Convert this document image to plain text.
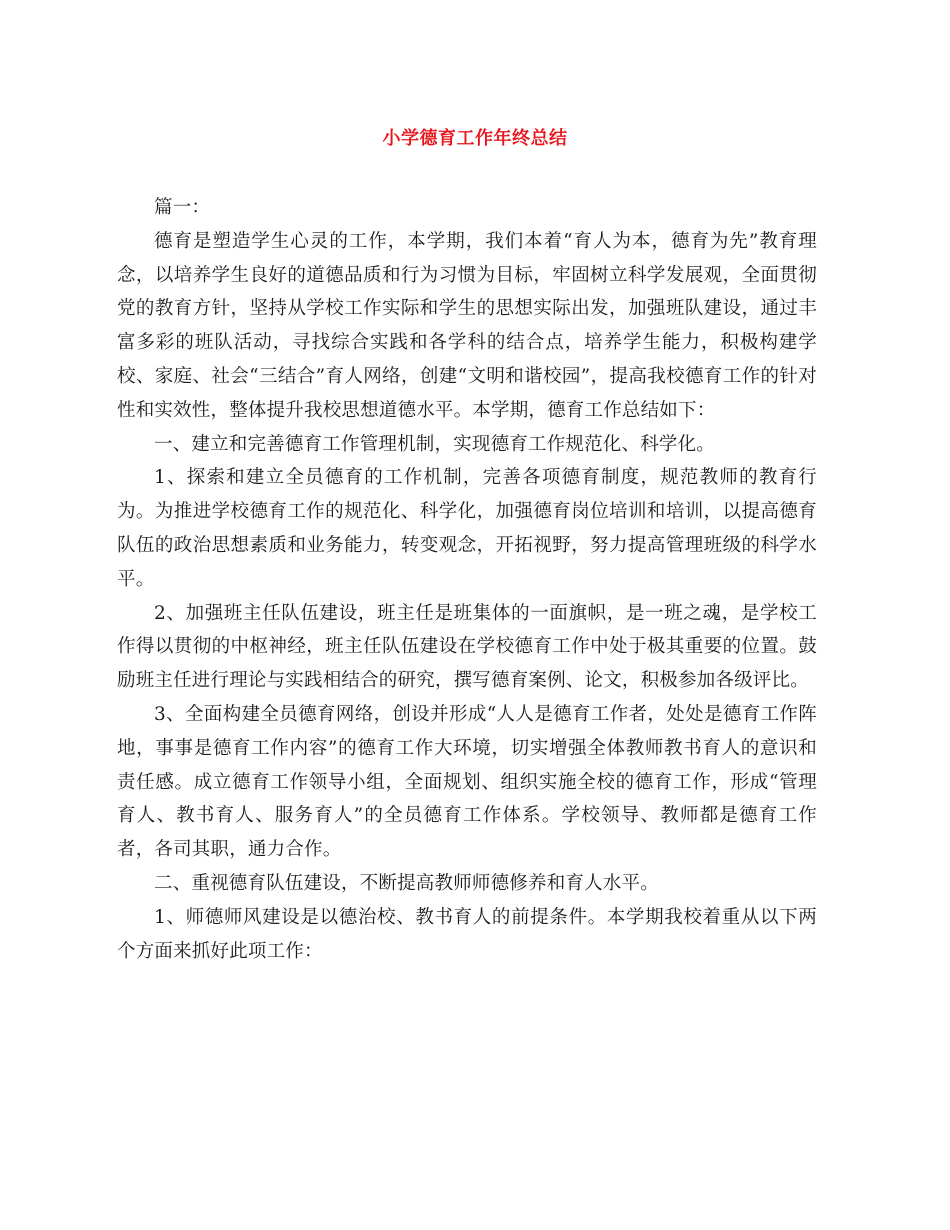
小学德育工作年终总结

篇一：

德育是塑造学生心灵的工作，本学期，我们本着“育人为本，德育为先”教育理念，以培养学生良好的道德品质和行为习惯为目标，牢固树立科学发展观，全面贯彻党的教育方针，坚持从学校工作实际和学生的思想实际出发，加强班队建设，通过丰富多彩的班队活动，寻找综合实践和各学科的结合点，培养学生能力，积极构建学校、家庭、社会“三结合”育人网络，创建“文明和谐校园”，提高我校德育工作的针对性和实效性，整体提升我校思想道德水平。本学期，德育工作总结如下：

一、建立和完善德育工作管理机制，实现德育工作规范化、科学化。

1、探索和建立全员德育的工作机制，完善各项德育制度，规范教师的教育行为。为推进学校德育工作的规范化、科学化，加强德育岗位培训和培训，以提高德育队伍的政治思想素质和业务能力，转变观念，开拓视野，努力提高管理班级的科学水平。

2、加强班主任队伍建设，班主任是班集体的一面旗帜，是一班之魂，是学校工作得以贯彻的中枢神经，班主任队伍建设在学校德育工作中处于极其重要的位置。鼓励班主任进行理论与实践相结合的研究，撰写德育案例、论文，积极参加各级评比。

3、全面构建全员德育网络，创设并形成“人人是德育工作者，处处是德育工作阵地，事事是德育工作内容”的德育工作大环境，切实增强全体教师教书育人的意识和责任感。成立德育工作领导小组，全面规划、组织实施全校的德育工作，形成“管理育人、教书育人、服务育人”的全员德育工作体系。学校领导、教师都是德育工作者，各司其职，通力合作。

二、重视德育队伍建设，不断提高教师师德修养和育人水平。

1、师德师风建设是以德治校、教书育人的前提条件。本学期我校着重从以下两个方面来抓好此项工作：
